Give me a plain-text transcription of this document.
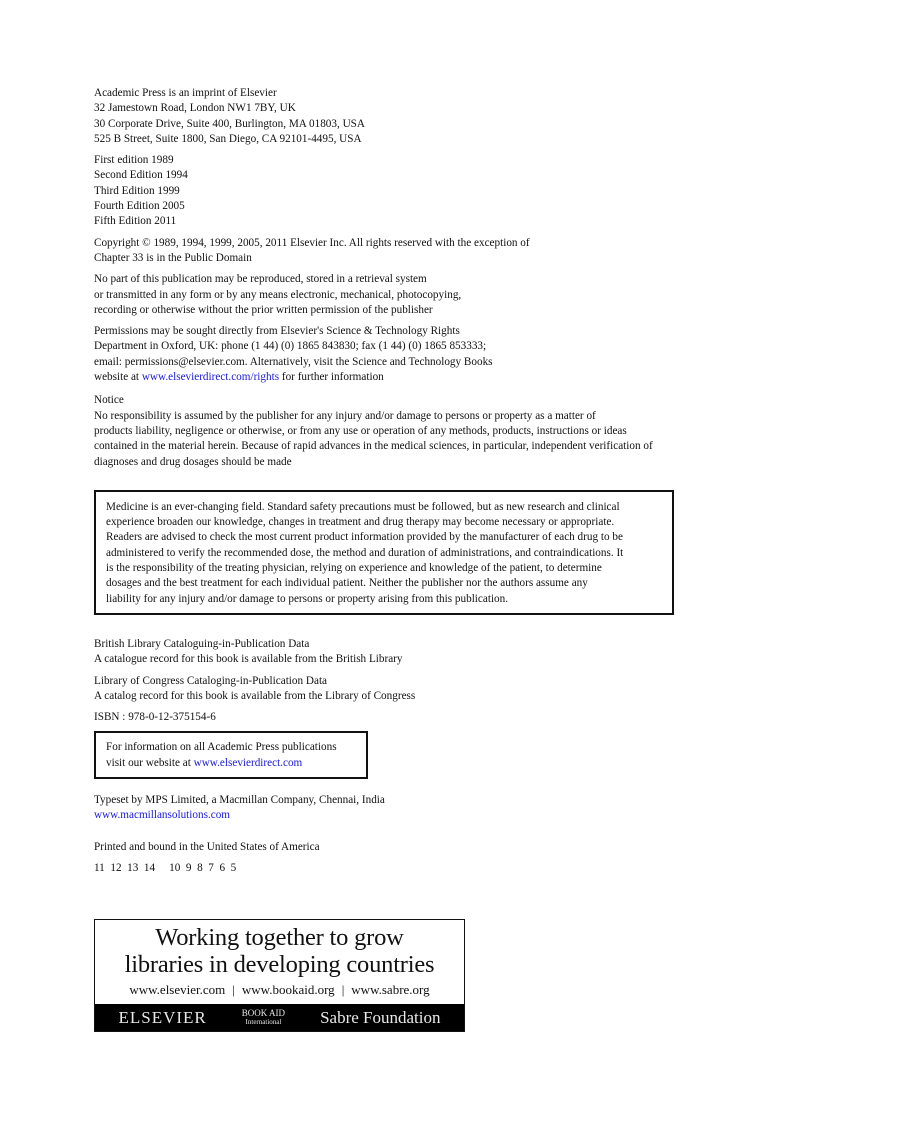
Academic Press is an imprint of Elsevier
32 Jamestown Road, London NW1 7BY, UK
30 Corporate Drive, Suite 400, Burlington, MA 01803, USA
525 B Street, Suite 1800, San Diego, CA 92101-4495, USA
First edition 1989
Second Edition 1994
Third Edition 1999
Fourth Edition 2005
Fifth Edition 2011
Copyright © 1989, 1994, 1999, 2005, 2011 Elsevier Inc. All rights reserved with the exception of
Chapter 33 is in the Public Domain
No part of this publication may be reproduced, stored in a retrieval system
or transmitted in any form or by any means electronic, mechanical, photocopying,
recording or otherwise without the prior written permission of the publisher
Permissions may be sought directly from Elsevier's Science & Technology Rights
Department in Oxford, UK: phone (1 44) (0) 1865 843830; fax (1 44) (0) 1865 853333;
email: permissions@elsevier.com. Alternatively, visit the Science and Technology Books
website at www.elsevierdirect.com/rights for further information
Notice
No responsibility is assumed by the publisher for any injury and/or damage to persons or property as a matter of
products liability, negligence or otherwise, or from any use or operation of any methods, products, instructions or ideas
contained in the material herein. Because of rapid advances in the medical sciences, in particular, independent verification of
diagnoses and drug dosages should be made
Medicine is an ever-changing field. Standard safety precautions must be followed, but as new research and clinical
experience broaden our knowledge, changes in treatment and drug therapy may become necessary or appropriate.
Readers are advised to check the most current product information provided by the manufacturer of each drug to be
administered to verify the recommended dose, the method and duration of administrations, and contraindications. It
is the responsibility of the treating physician, relying on experience and knowledge of the patient, to determine
dosages and the best treatment for each individual patient. Neither the publisher nor the authors assume any
liability for any injury and/or damage to persons or property arising from this publication.
British Library Cataloguing-in-Publication Data
A catalogue record for this book is available from the British Library
Library of Congress Cataloging-in-Publication Data
A catalog record for this book is available from the Library of Congress
ISBN : 978-0-12-375154-6
For information on all Academic Press publications
visit our website at www.elsevierdirect.com
Typeset by MPS Limited, a Macmillan Company, Chennai, India
www.macmillansolutions.com
Printed and bound in the United States of America
11  12  13  14     10  9  8  7  6  5
Working together to grow
libraries in developing countries
www.elsevier.com | www.bookaid.org | www.sabre.org
ELSEVIER	BOOK AID
International Sabre Foundation
